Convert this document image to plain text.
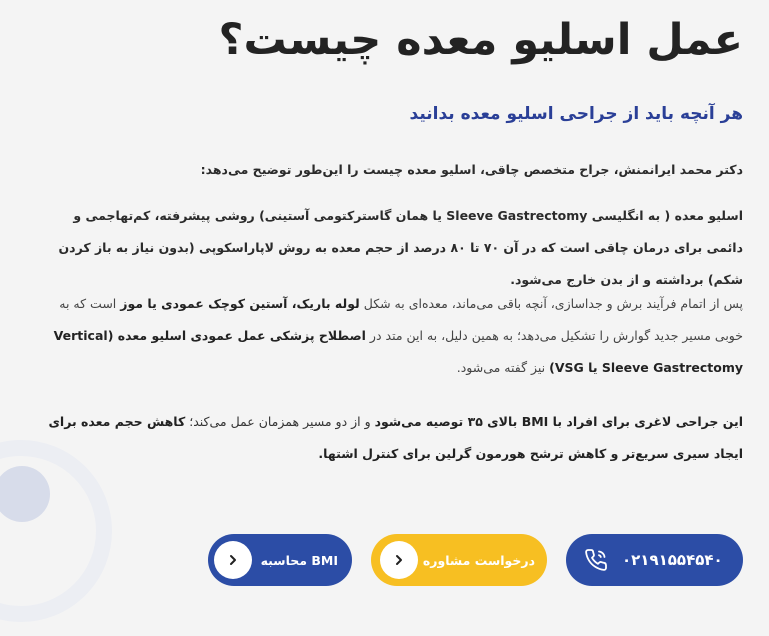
عمل اسلیو معده چیست؟
هر آنچه باید از جراحی اسلیو معده بدانید

دکتر محمد ایرانمنش، جراح متخصص چاقی، اسلیو معده چیست را این‌طور توضیح می‌دهد:

اسلیو معده ( به انگلیسی Sleeve Gastrectomy یا همان گاسترکتومی آستینی) روشی پیشرفته، کم‌تهاجمی و دائمی برای درمان چاقی است که در آن ۷۰ تا ۸۰ درصد از حجم معده به روش لاپاراسکوپی (بدون نیاز به باز کردن شکم) برداشته و از بدن خارج می‌شود.

پس از اتمام فرآیند برش و جداسازی، آنچه باقی می‌ماند، معده‌ای به شکل لوله باریک، آستین کوچک عمودی یا موز است که به خوبی مسیر جدید گوارش را تشکیل می‌دهد؛ به همین دلیل، به این متد در اصطلاح پزشکی عمل عمودی اسلیو معده (Vertical Sleeve Gastrectomy یا VSG) نیز گفته می‌شود.

این جراحی لاغری برای افراد با BMI بالای ۳۵ توصیه می‌شود و از دو مسیر همزمان عمل می‌کند؛ کاهش حجم معده برای ایجاد سیری سریع‌تر و کاهش ترشح هورمون گرلین برای کنترل اشتها.

۰۲۱۹۱۵۵۴۵۴۰
درخواست مشاوره
محاسبه BMI
